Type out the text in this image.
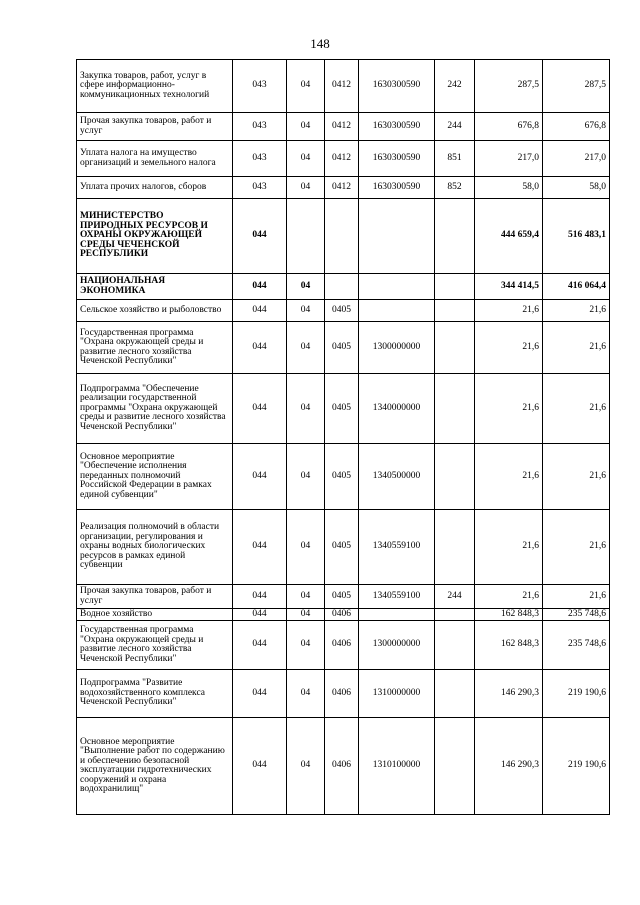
148
Закупка товаров, работ, услуг в сфере информационно-коммуникационных технологий	043	04	0412	1630300590	242	287,5	287,5
Прочая закупка товаров, работ и услуг	043	04	0412	1630300590	244	676,8	676,8
Уплата налога на имущество организаций и земельного налога	043	04	0412	1630300590	851	217,0	217,0
Уплата прочих налогов, сборов	043	04	0412	1630300590	852	58,0	58,0
МИНИСТЕРСТВО ПРИРОДНЫХ РЕСУРСОВ И ОХРАНЫ ОКРУЖАЮЩЕЙ СРЕДЫ ЧЕЧЕНСКОЙ РЕСПУБЛИКИ	044					444 659,4	516 483,1
НАЦИОНАЛЬНАЯ ЭКОНОМИКА	044	04				344 414,5	416 064,4
Сельское хозяйство и рыболовство	044	04	0405			21,6	21,6
Государственная программа "Охрана окружающей среды и развитие лесного хозяйства Чеченской Республики"	044	04	0405	1300000000		21,6	21,6
Подпрограмма "Обеспечение реализации государственной программы "Охрана окружающей среды и развитие лесного хозяйства Чеченской Республики"	044	04	0405	1340000000		21,6	21,6
Основное мероприятие "Обеспечение исполнения переданных полномочий Российской Федерации в рамках единой субвенции"	044	04	0405	1340500000		21,6	21,6
Реализация полномочий в области организации, регулирования и охраны водных биологических ресурсов в рамках единой субвенции	044	04	0405	1340559100		21,6	21,6
Прочая закупка товаров, работ и услуг	044	04	0405	1340559100	244	21,6	21,6
Водное хозяйство	044	04	0406			162 848,3	235 748,6
Государственная программа "Охрана окружающей среды и развитие лесного хозяйства Чеченской Республики"	044	04	0406	1300000000		162 848,3	235 748,6
Подпрограмма "Развитие водохозяйственного комплекса Чеченской Республики"	044	04	0406	1310000000		146 290,3	219 190,6
Основное мероприятие "Выполнение работ по содержанию и обеспечению безопасной эксплуатации гидротехнических сооружений и охрана водохранилищ"	044	04	0406	1310100000		146 290,3	219 190,6
